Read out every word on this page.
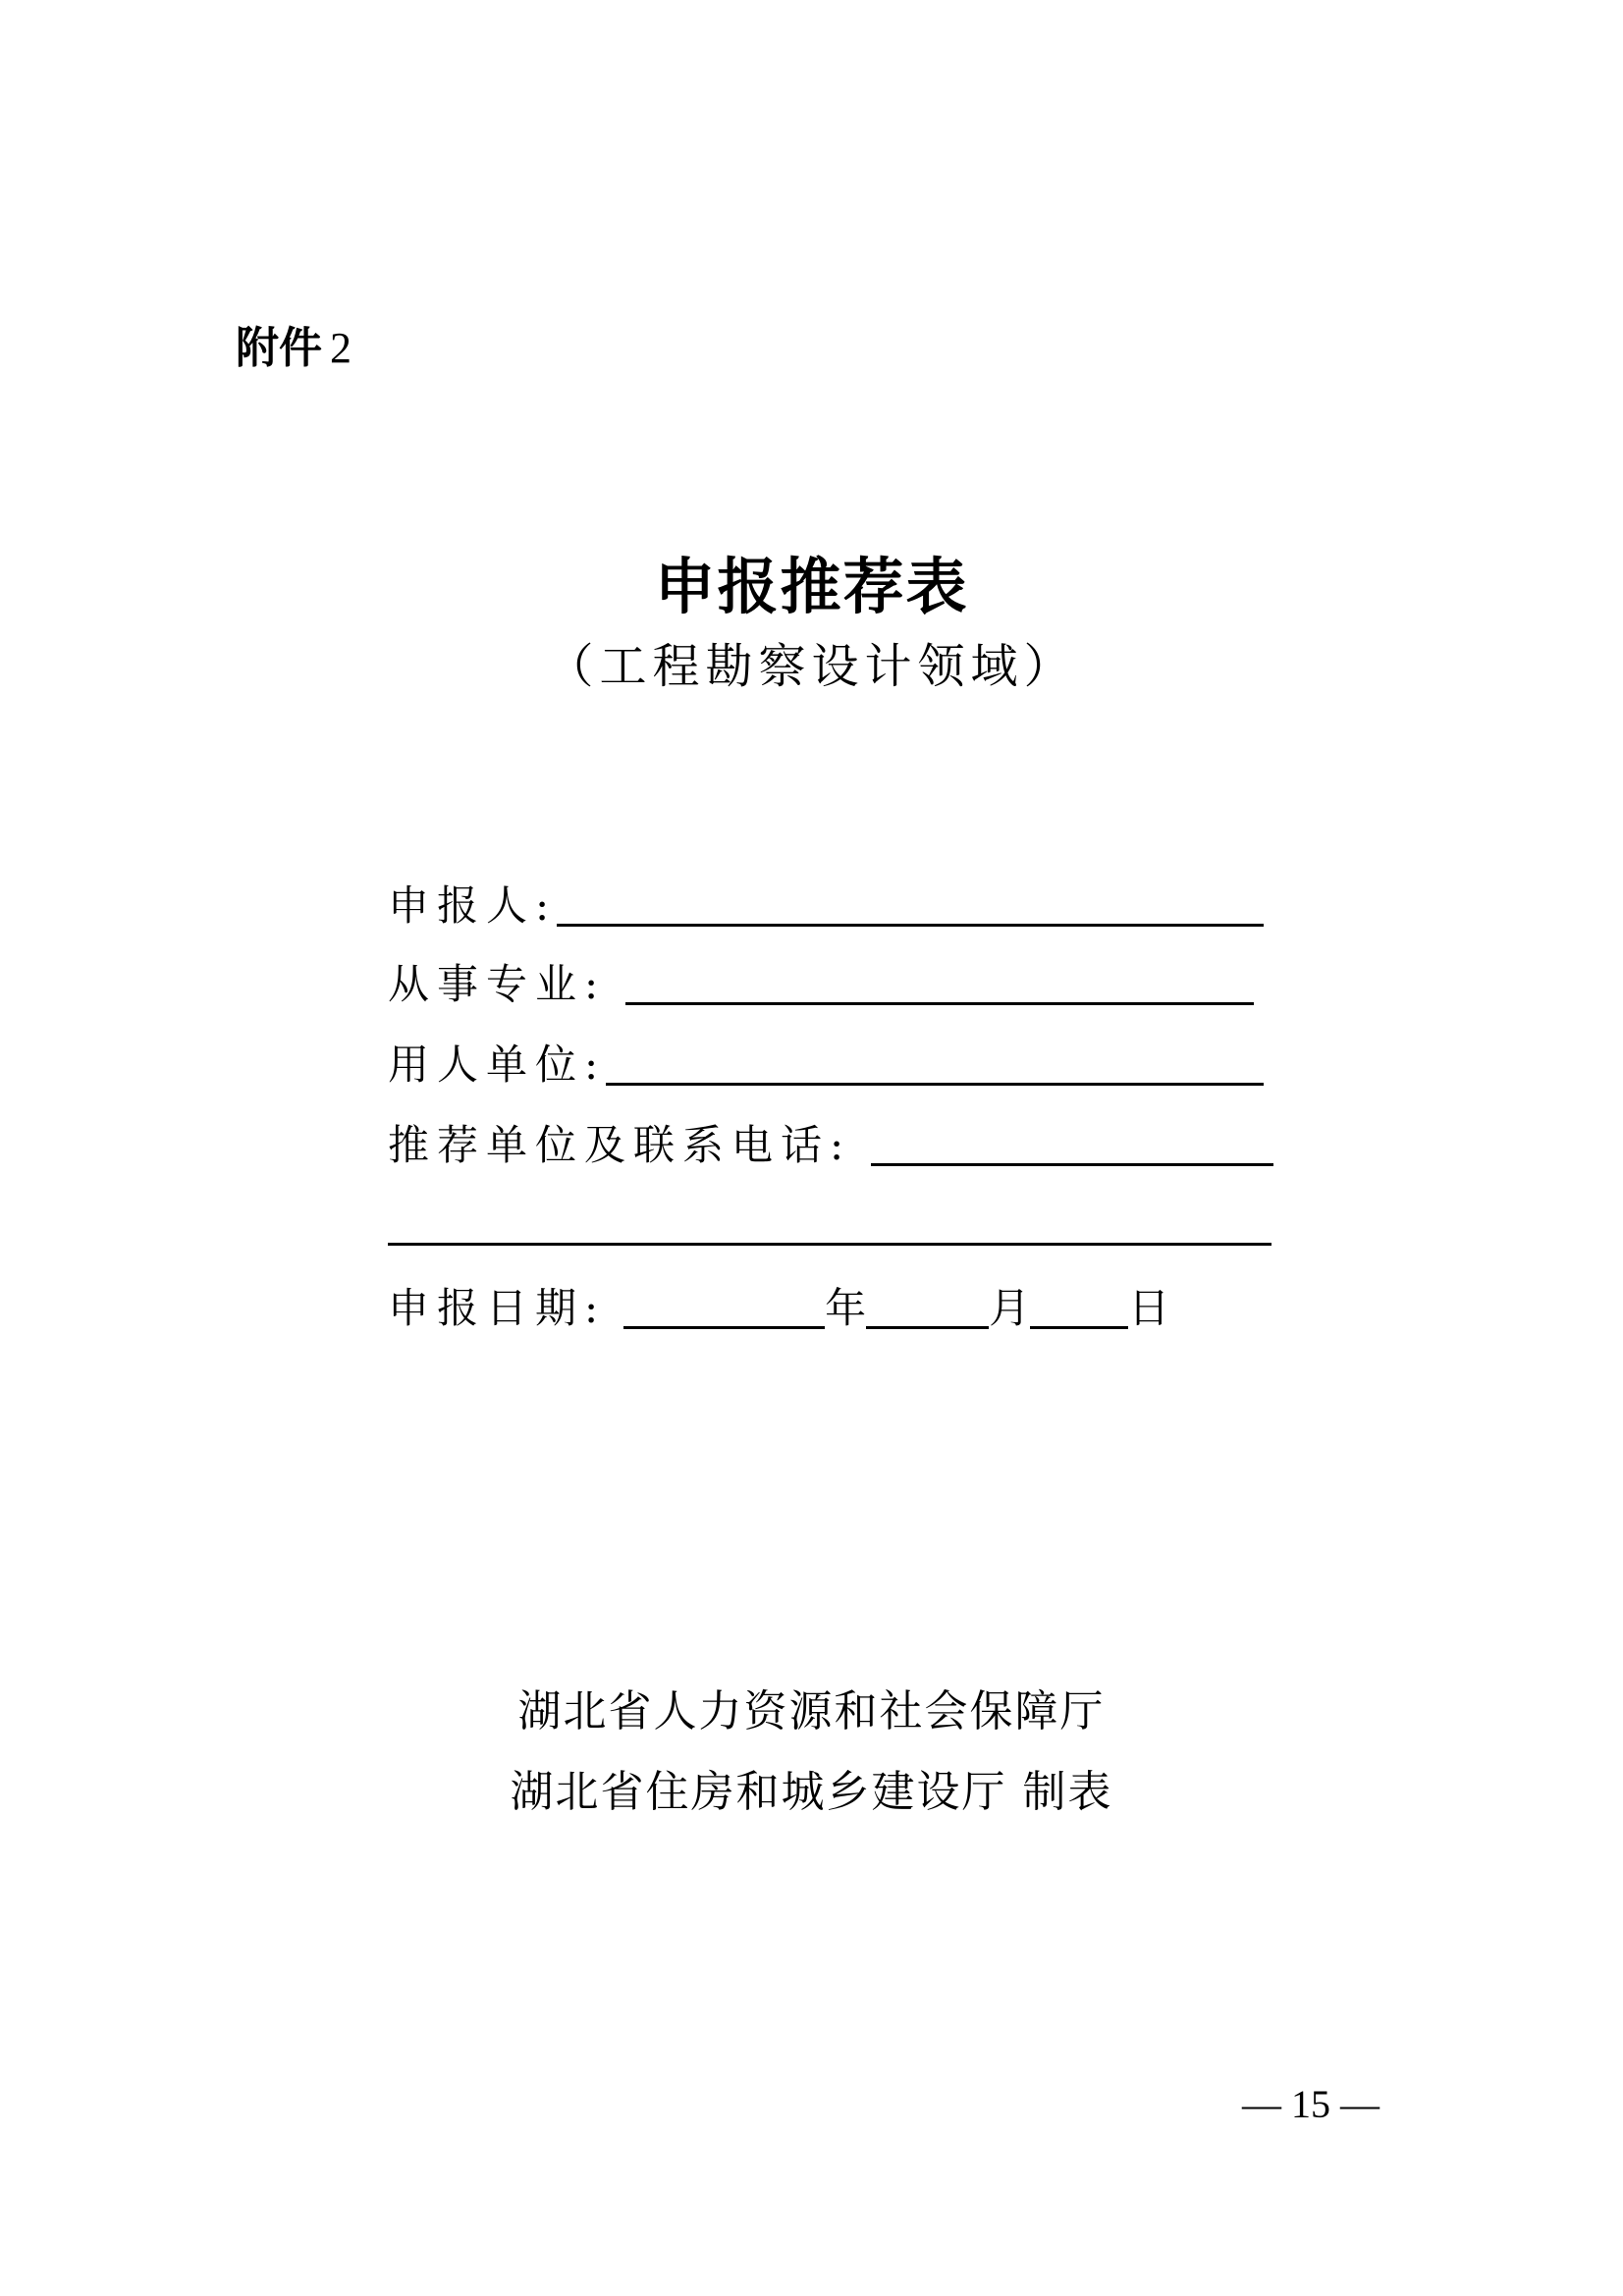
附件 2
申报推荐表
（工程勘察设计领域）
申报人:
从事专业:
用人单位:
推荐单位及联系电话:
申报日期:	年	月 日
湖北省人力资源和社会保障厅
湖北省住房和城乡建设厅 制表
— 15 —
